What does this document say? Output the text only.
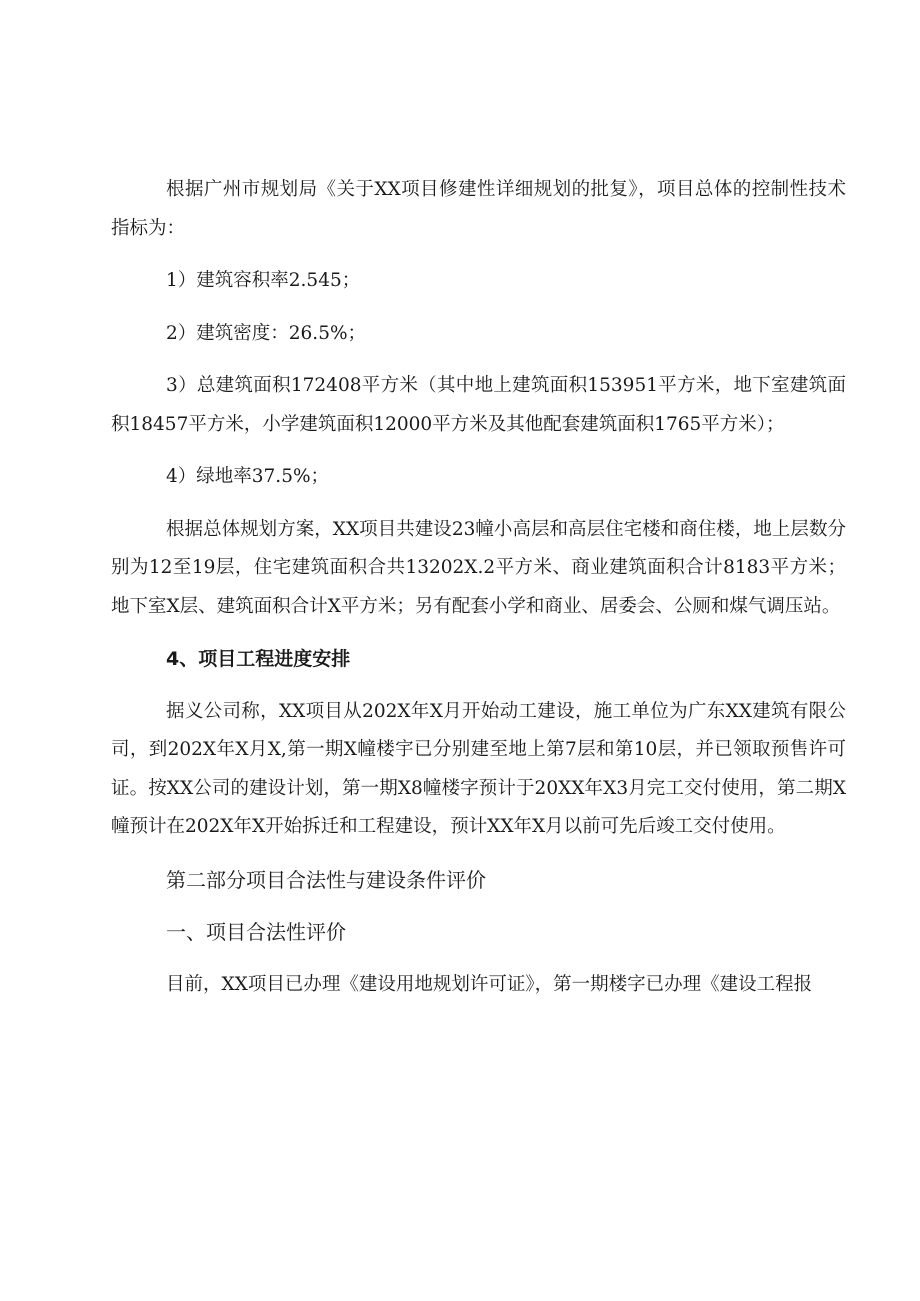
根据广州市规划局《关于XX项目修建性详细规划的批复》，项目总体的控制性技术指标为：

1）建筑容积率2.545；

2）建筑密度：26.5%；

3）总建筑面积172408平方米（其中地上建筑面积153951平方米，地下室建筑面积18457平方米，小学建筑面积12000平方米及其他配套建筑面积1765平方米）；

4）绿地率37.5%；

根据总体规划方案，XX项目共建设23幢小高层和高层住宅楼和商住楼，地上层数分别为12至19层，住宅建筑面积合共13202X.2平方米、商业建筑面积合计8183平方米；地下室X层、建筑面积合计X平方米；另有配套小学和商业、居委会、公厕和煤气调压站。

4、项目工程进度安排

据义公司称，XX项目从202X年X月开始动工建设，施工单位为广东XX建筑有限公司，到202X年X月X,第一期X幢楼宇已分别建至地上第7层和第10层，并已领取预售许可证。按XX公司的建设计划，第一期X8幢楼字预计于20XX年X3月完工交付使用，第二期X幢预计在202X年X开始拆迁和工程建设，预计XX年X月以前可先后竣工交付使用。

第二部分项目合法性与建设条件评价

一、项目合法性评价

目前，XX项目已办理《建设用地规划许可证》，第一期楼字已办理《建设工程报
